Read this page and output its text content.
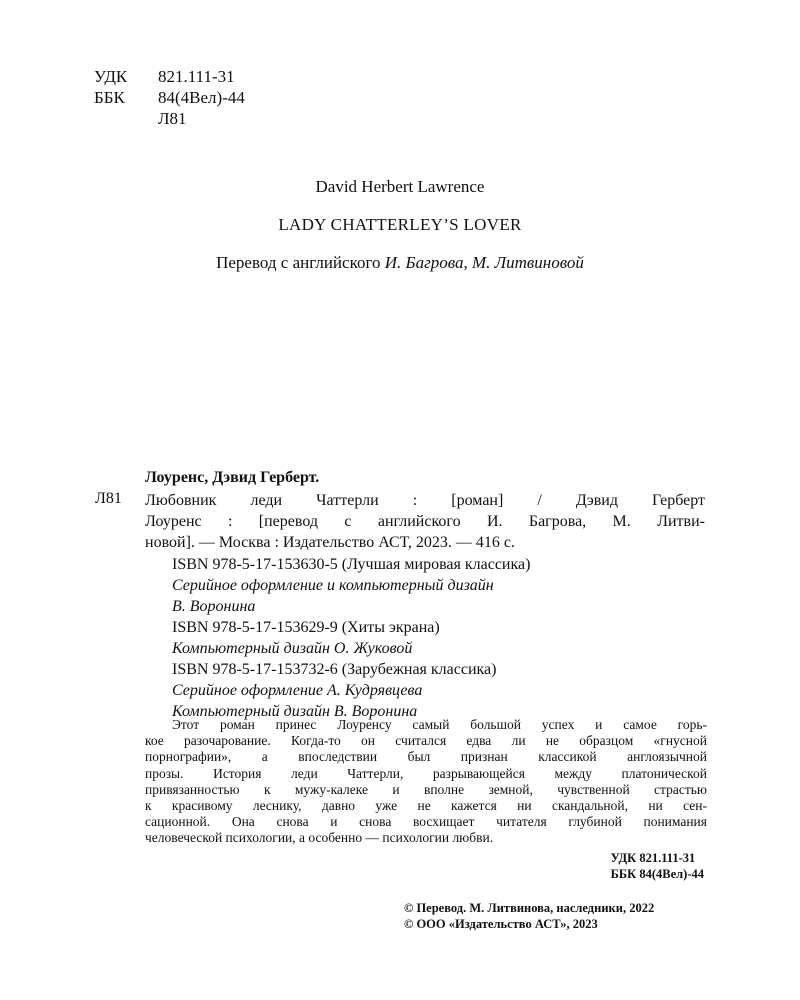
УДК	821.111-31
ББК	84(4Вел)-44
Л81
David Herbert Lawrence
LADY CHATTERLEY’S LOVER
Перевод с английского И. Багрова, М. Литвиновой
Лоуренс, Дэвид Герберт.
Л81 Любовник леди Чаттерли : [роман] / Дэвид Герберт
Лоуренс : [перевод с английского И. Багрова, М. Литви-
новой]. — Москва : Издательство АСТ, 2023. — 416 с.
ISBN 978-5-17-153630-5 (Лучшая мировая классика)
Серийное оформление и компьютерный дизайн
В. Воронина
ISBN 978-5-17-153629-9 (Хиты экрана)
Компьютерный дизайн О. Жуковой
ISBN 978-5-17-153732-6 (Зарубежная классика)
Серийное оформление А. Кудрявцева
Компьютерный дизайн В. Воронина
Этот роман принес Лоуренсу самый большой успех и самое горь-
кое разочарование. Когда-то он считался едва ли не образцом «гнусной
порнографии», а впоследствии был признан классикой англоязычной
прозы. История леди Чаттерли, разрывающейся между платонической
привязанностью к мужу-калеке и вполне земной, чувственной страстью
к красивому леснику, давно уже не кажется ни скандальной, ни сен-
сационной. Она снова и снова восхищает читателя глубиной понимания
человеческой психологии, а особенно — психологии любви.
УДК 821.111-31
ББК 84(4Вел)-44
© Перевод. М. Литвинова, наследники, 2022
© ООО «Издательство АСТ», 2023
